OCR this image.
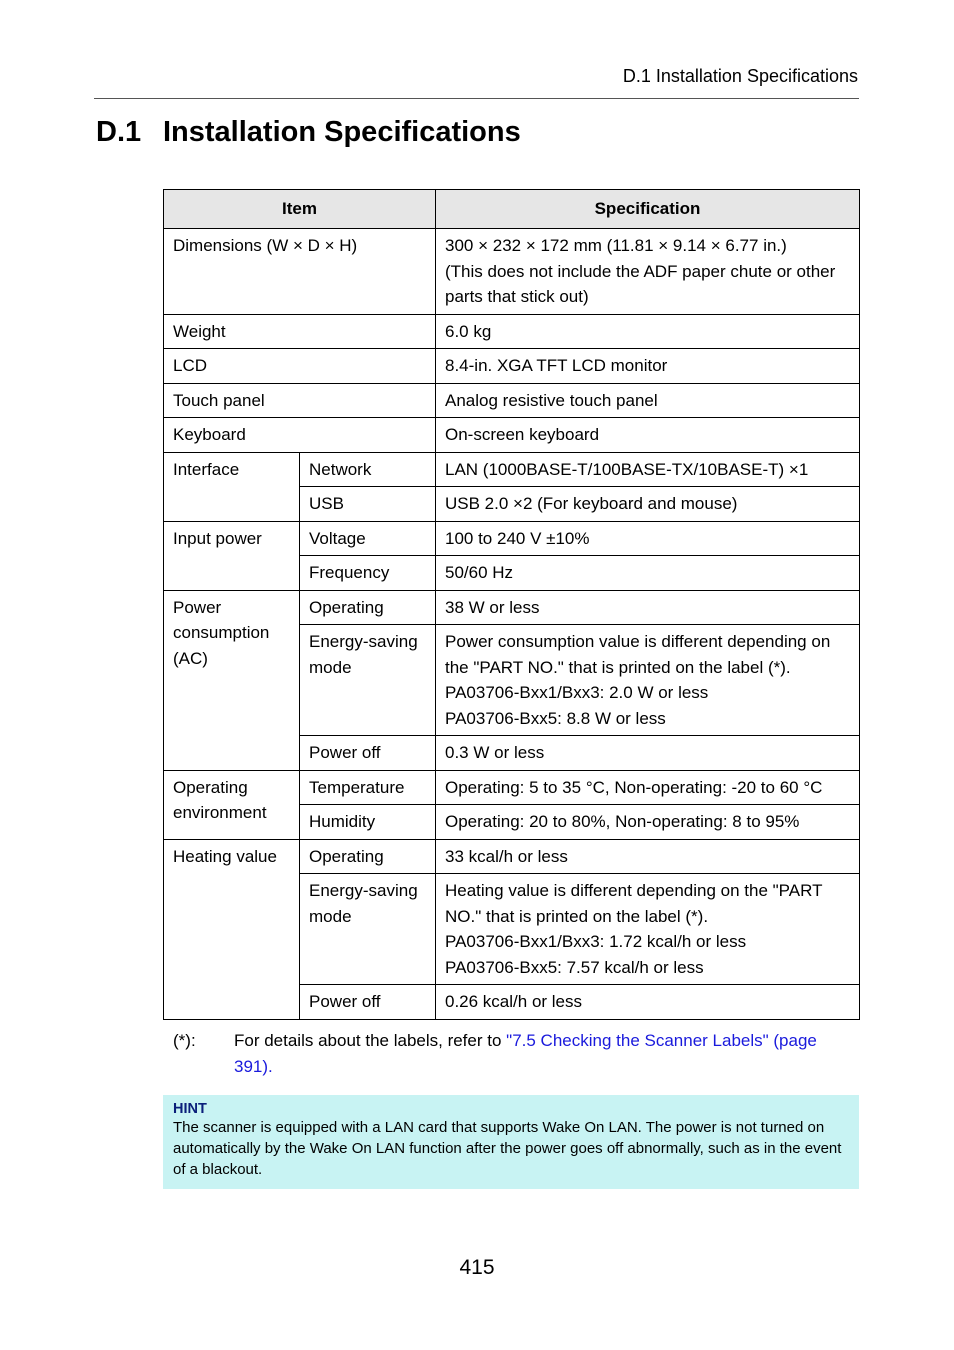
D.1 Installation Specifications
D.1 Installation Specifications
Item		Specification
Dimensions (W × D × H)		300 × 232 × 172 mm (11.81 × 9.14 × 6.77 in.)
(This does not include the ADF paper chute or other parts that stick out)

Weight		6.0 kg
LCD		8.4-in. XGA TFT LCD monitor
Touch panel		Analog resistive touch panel
Keyboard		On-screen keyboard
Interface	Network	LAN (1000BASE-T/100BASE-TX/10BASE-T) ×1
	USB	USB 2.0 ×2 (For keyboard and mouse)
Input power	Voltage	100 to 240 V ±10%
	Frequency	50/60 Hz
Power consumption (AC)	Operating	38 W or less
	Energy-saving mode	Power consumption value is different depending on the "PART NO." that is printed on the label (*).
PA03706-Bxx1/Bxx3: 2.0 W or less
PA03706-Bxx5: 8.8 W or less

	Power off	0.3 W or less
Operating environment	Temperature	Operating: 5 to 35 °C, Non-operating: -20 to 60 °C
	Humidity	Operating: 20 to 80%, Non-operating: 8 to 95%
Heating value	Operating	33 kcal/h or less
	Energy-saving mode	Heating value is different depending on the "PART NO." that is printed on the label (*).
PA03706-Bxx1/Bxx3: 1.72 kcal/h or less
PA03706-Bxx5: 7.57 kcal/h or less

	Power off	0.26 kcal/h or less
(*): For details about the labels, refer to "7.5 Checking the Scanner Labels" (page 391).
HINT
The scanner is equipped with a LAN card that supports Wake On LAN. The power is not turned on automatically by the Wake On LAN function after the power goes off abnormally, such as in the event of a blackout.
415
